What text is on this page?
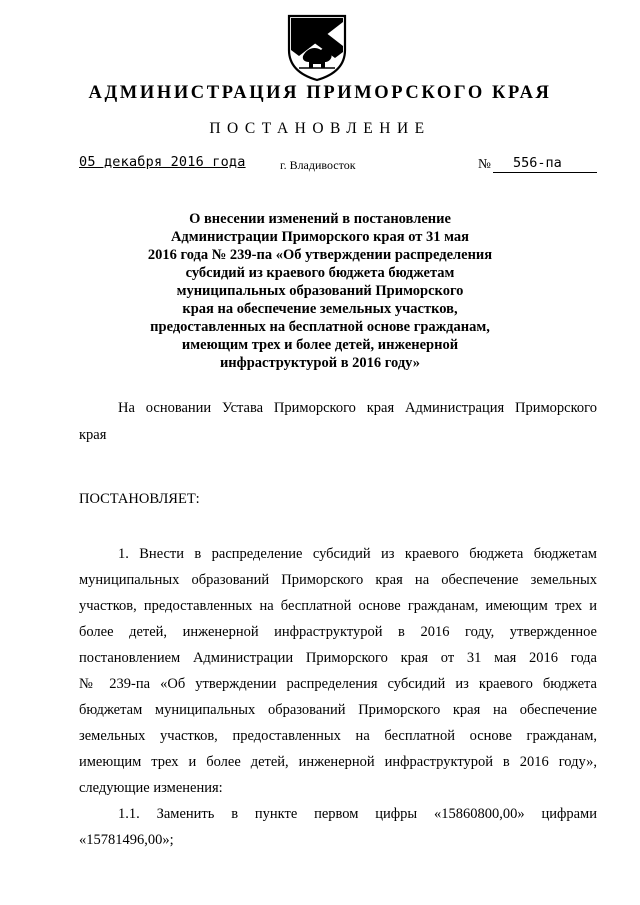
АДМИНИСТРАЦИЯ ПРИМОРСКОГО КРАЯ
ПОСТАНОВЛЕНИЕ
05 декабря 2016 года	г. Владивосток	№ 556-па
О внесении изменений в постановление
Администрации Приморского края от 31 мая
2016 года № 239-па «Об утверждении распределения
субсидий из краевого бюджета бюджетам
муниципальных образований Приморского
края на обеспечение земельных участков,
предоставленных на бесплатной основе гражданам,
имеющим трех и более детей, инженерной
инфраструктурой в 2016 году»
На основании Устава Приморского края Администрация Приморского
края
ПОСТАНОВЛЯЕТ:
1. Внести в распределение субсидий из краевого бюджета бюджетам
муниципальных образований Приморского края на обеспечение земельных
участков, предоставленных на бесплатной основе гражданам, имеющим трех и
более детей, инженерной инфраструктурой в 2016 году, утвержденное
постановлением Администрации Приморского края от 31 мая 2016 года
№ 239-па «Об утверждении распределения субсидий из краевого бюджета
бюджетам муниципальных образований Приморского края на обеспечение
земельных участков, предоставленных на бесплатной основе гражданам,
имеющим трех и более детей, инженерной инфраструктурой в 2016 году»,
следующие изменения:
1.1. Заменить в пункте первом цифры «15860800,00» цифрами
«15781496,00»;
